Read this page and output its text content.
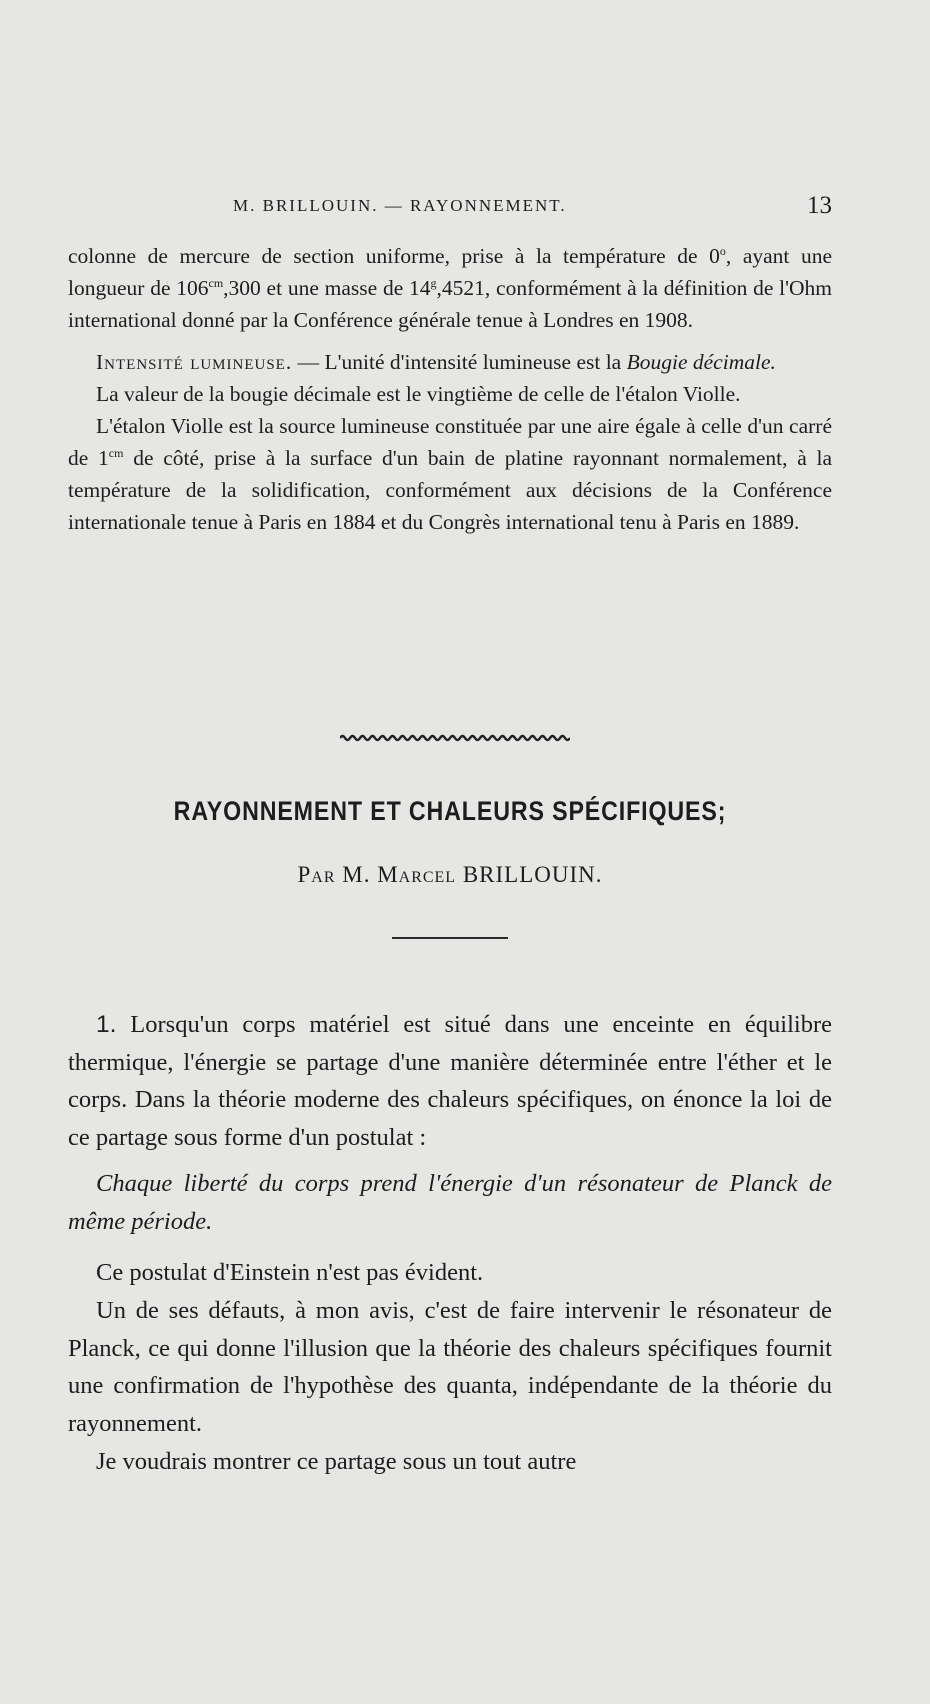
M. BRILLOUIN. — RAYONNEMENT.	13

colonne de mercure de section uniforme, prise à la température de 0$^o$, ayant une longueur de $106^{cm},300$ et une masse de 14$^g$,4521, conformément à la définition de l'Ohm international donné par la Conférence générale tenue à Londres en 1908.

Intensité lumineuse. — L'unité d'intensité lumineuse est la Bougie décimale.

La valeur de la bougie décimale est le vingtième de celle de l'étalon Violle.

L'étalon Violle est la source lumineuse constituée par une aire égale à celle d'un carré de $1^{cm}$ de côté, prise à la surface d'un bain de platine rayonnant normalement, à la température de la solidification, conformément aux décisions de la Conférence internationale tenue à Paris en 1884 et du Congrès international tenu à Paris en 1889.

RAYONNEMENT ET CHALEURS SPÉCIFIQUES;
Par M. Marcel BRILLOUIN.

1. Lorsqu'un corps matériel est situé dans une enceinte en équilibre thermique, l'énergie se partage d'une manière déterminée entre l'éther et le corps. Dans la théorie moderne des chaleurs spécifiques, on énonce la loi de ce partage sous forme d'un postulat :

Chaque liberté du corps prend l'énergie d'un résonateur de Planck de même période.

Ce postulat d'Einstein n'est pas évident.

Un de ses défauts, à mon avis, c'est de faire intervenir le résonateur de Planck, ce qui donne l'illusion que la théorie des chaleurs spécifiques fournit une confirmation de l'hypothèse des quanta, indépendante de la théorie du rayonnement.

Je voudrais montrer ce partage sous un tout autre
